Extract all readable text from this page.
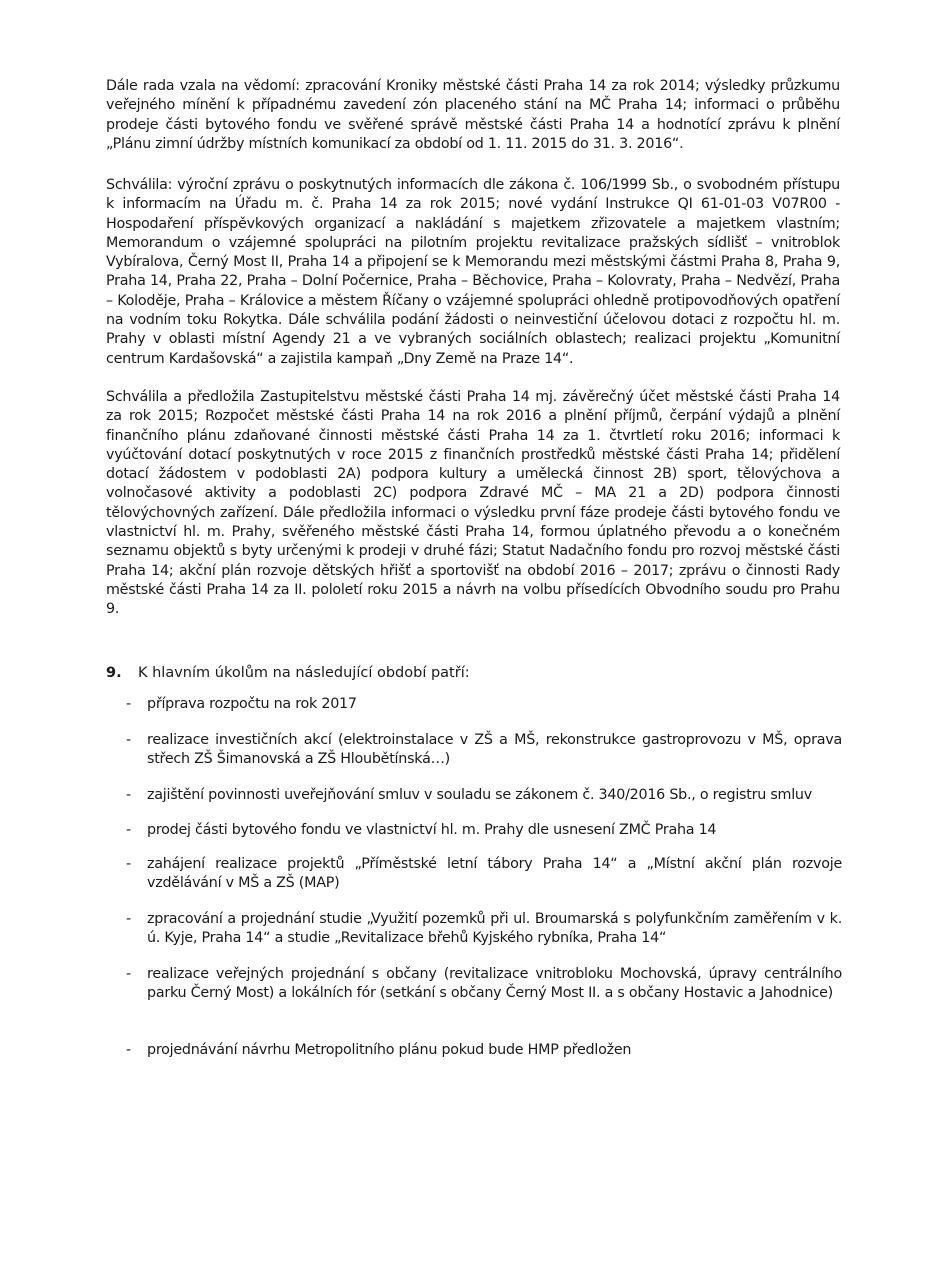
Dále rada vzala na vědomí: zpracování Kroniky městské části Praha 14 za rok 2014; výsledky průzkumu veřejného mínění k případnému zavedení zón placeného stání na MČ Praha 14; informaci o průběhu prodeje části bytového fondu ve svěřené správě městské části Praha 14 a hodnotící zprávu k plnění „Plánu zimní údržby místních komunikací za období od 1. 11. 2015 do 31. 3. 2016“.

Schválila: výroční zprávu o poskytnutých informacích dle zákona č. 106/1999 Sb., o svobodném přístupu k informacím na Úřadu m. č. Praha 14 za rok 2015; nové vydání Instrukce QI 61-01-03 V07R00 - Hospodaření příspěvkových organizací a nakládání s majetkem zřizovatele a majetkem vlastním; Memorandum o vzájemné spolupráci na pilotním projektu revitalizace pražských sídlišť – vnitroblok Vybíralova, Černý Most II, Praha 14 a připojení se k Memorandu mezi městskými částmi Praha 8, Praha 9, Praha 14, Praha 22, Praha – Dolní Počernice, Praha – Běchovice, Praha – Kolovraty, Praha – Nedvězí, Praha – Koloděje, Praha – Královice a městem Říčany o vzájemné spolupráci ohledně protipovodňových opatření na vodním toku Rokytka. Dále schválila podání žádosti o neinvestiční účelovou dotaci z rozpočtu hl. m. Prahy v oblasti místní Agendy 21 a ve vybraných sociálních oblastech; realizaci projektu „Komunitní centrum Kardašovská“ a zajistila kampaň „Dny Země na Praze 14“.

Schválila a předložila Zastupitelstvu městské části Praha 14 mj. závěrečný účet městské části Praha 14 za rok 2015; Rozpočet městské části Praha 14 na rok 2016 a plnění příjmů, čerpání výdajů a plnění finančního plánu zdaňované činnosti městské části Praha 14 za 1. čtvrtletí roku 2016; informaci k vyúčtování dotací poskytnutých v roce 2015 z finančních prostředků městské části Praha 14; přidělení dotací žádostem v podoblasti 2A) podpora kultury a umělecká činnost 2B) sport, tělovýchova a volnočasové aktivity a podoblasti 2C) podpora Zdravé MČ – MA 21 a 2D) podpora činnosti tělovýchovných zařízení. Dále předložila informaci o výsledku první fáze prodeje části bytového fondu ve vlastnictví hl. m. Prahy, svěřeného městské části Praha 14, formou úplatného převodu a o konečném seznamu objektů s byty určenými k prodeji v druhé fázi; Statut Nadačního fondu pro rozvoj městské části Praha 14; akční plán rozvoje dětských hřišť a sportovišť na období 2016 – 2017; zprávu o činnosti Rady městské části Praha 14 za II. pololetí roku 2015 a návrh na volbu přísedících Obvodního soudu pro Prahu 9.

9. K hlavním úkolům na následující období patří:

-	příprava rozpočtu na rok 2017
-	realizace investičních akcí (elektroinstalace v ZŠ a MŠ, rekonstrukce gastroprovozu v MŠ, oprava střech ZŠ Šimanovská a ZŠ Hloubětínská…)
-	zajištění povinnosti uveřejňování smluv v souladu se zákonem č. 340/2016 Sb., o registru smluv
-	prodej části bytového fondu ve vlastnictví hl. m. Prahy dle usnesení ZMČ Praha 14
-	zahájení realizace projektů „Příměstské letní tábory Praha 14“ a „Místní akční plán rozvoje vzdělávání v MŠ a ZŠ (MAP)
-	zpracování a projednání studie „Využití pozemků při ul. Broumarská s polyfunkčním zaměřením v k. ú. Kyje, Praha 14“ a studie „Revitalizace břehů Kyjského rybníka, Praha 14“
-	realizace veřejných projednání s občany (revitalizace vnitrobloku Mochovská, úpravy centrálního parku Černý Most) a lokálních fór (setkání s občany Černý Most II. a s občany Hostavic a Jahodnice)
-	projednávání návrhu Metropolitního plánu pokud bude HMP předložen
